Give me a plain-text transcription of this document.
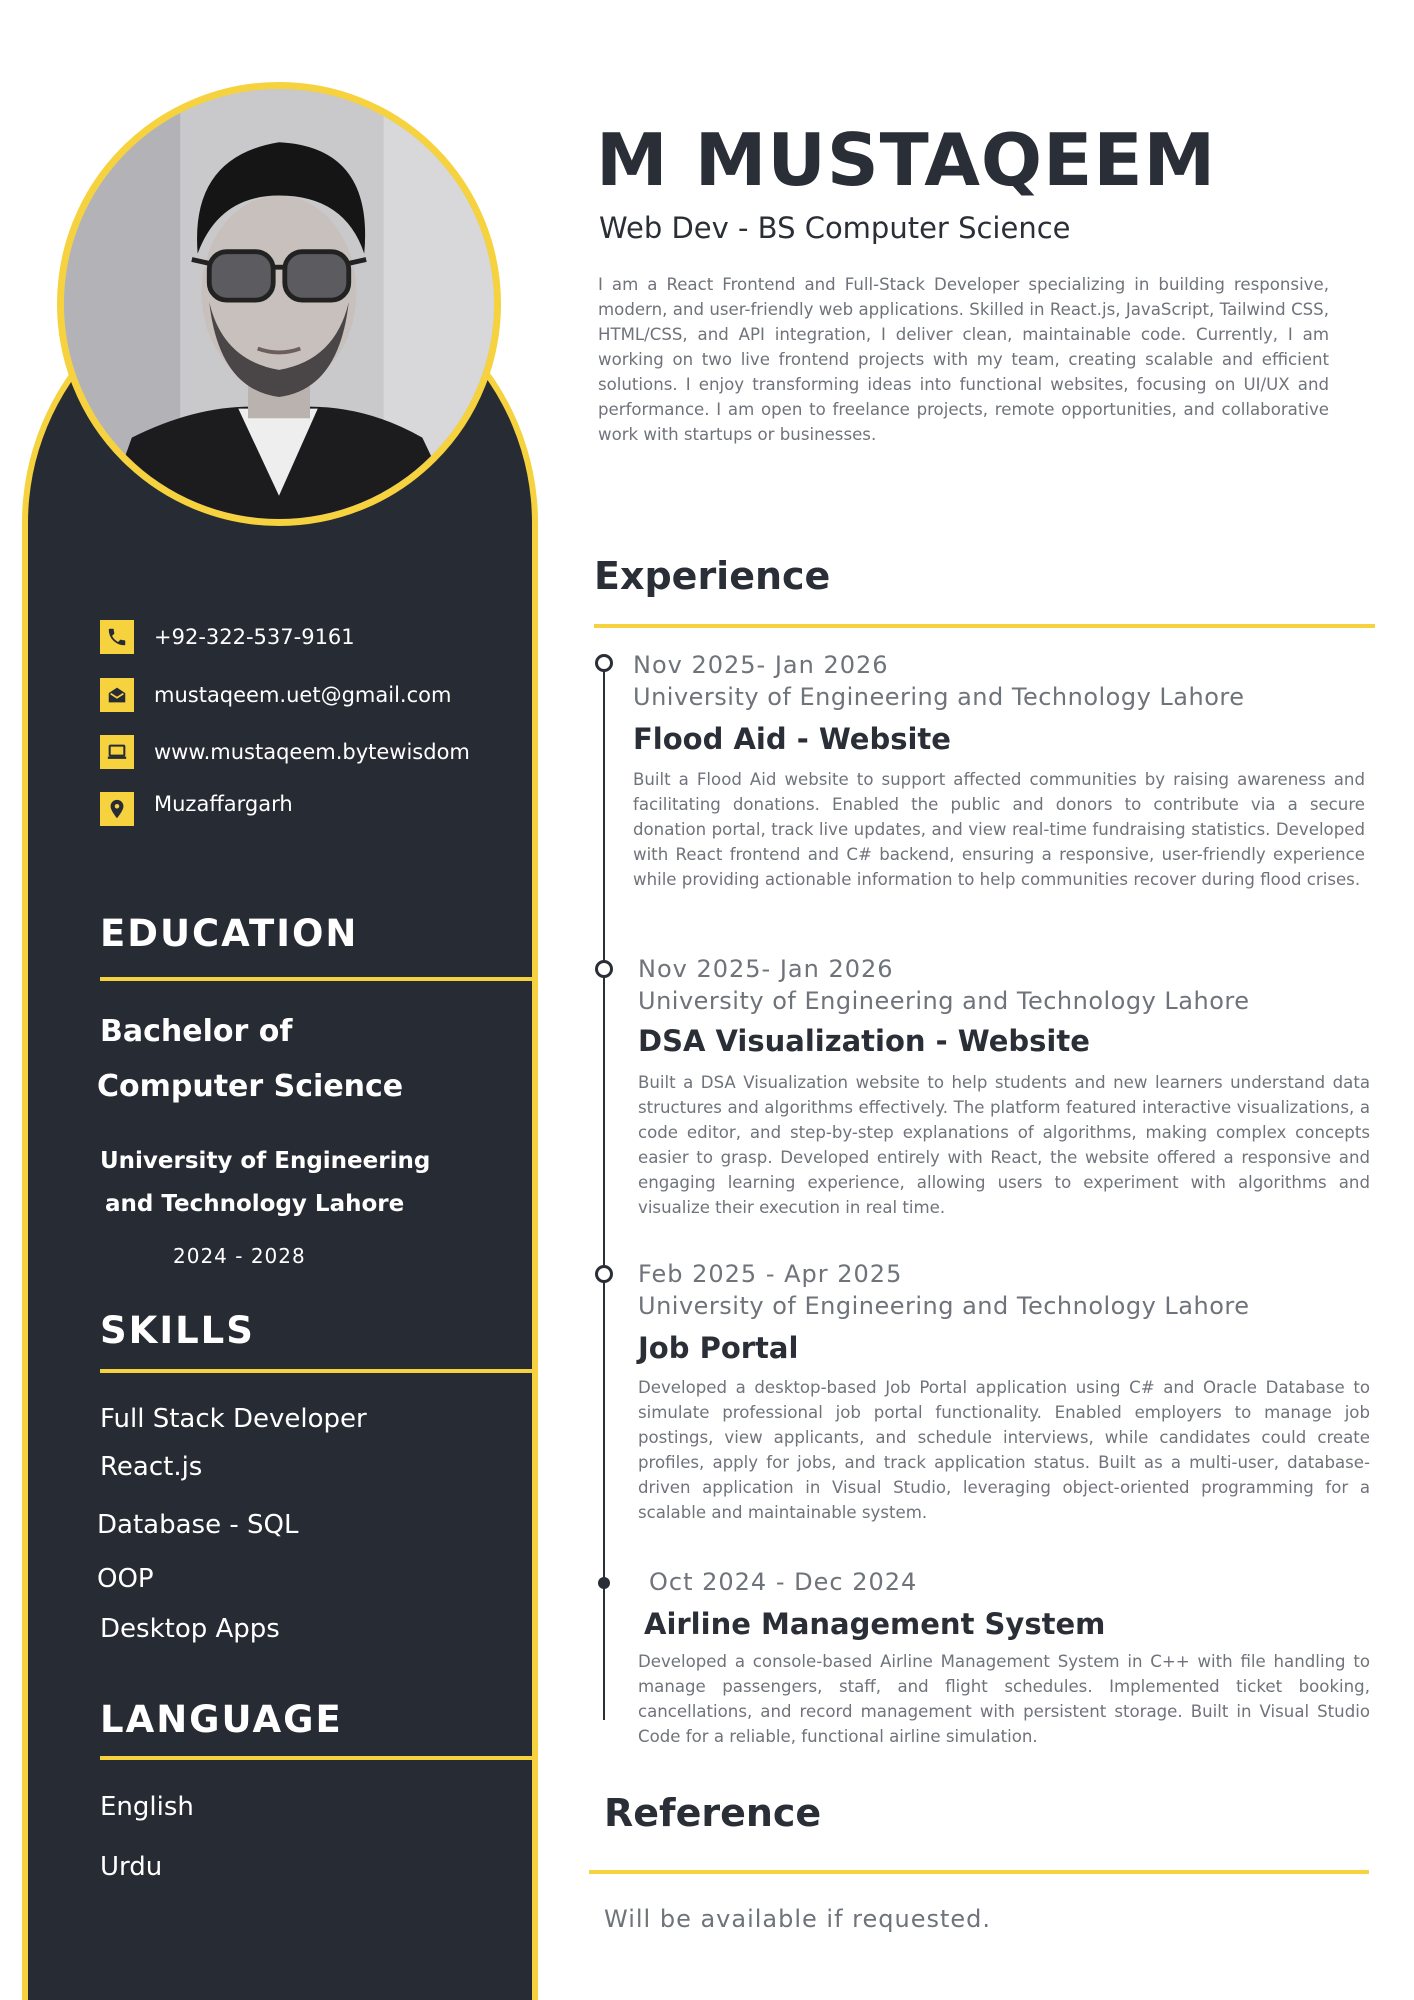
+92-322-537-9161
mustaqeem.uet@gmail.com
www.mustaqeem.bytewisdom
Muzaffargarh
EDUCATION
Bachelor of
Computer Science
University of Engineering
and Technology Lahore
2024 - 2028
SKILLS
Full Stack Developer
React.js
Database - SQL
OOP
Desktop Apps
LANGUAGE
English
Urdu
M MUSTAQEEM
Web Dev - BS Computer Science
I am a React Frontend and Full-Stack Developer specializing in building responsive, modern, and user-friendly web applications. Skilled in React.js, JavaScript, Tailwind CSS, HTML/CSS, and API integration, I deliver clean, maintainable code. Currently, I am working on two live frontend projects with my team, creating scalable and efficient solutions. I enjoy transforming ideas into functional websites, focusing on UI/UX and performance. I am open to freelance projects, remote opportunities, and collaborative work with startups or businesses.
Experience
Nov 2025- Jan 2026
University of Engineering and Technology Lahore
Flood Aid - Website
Built a Flood Aid website to support affected communities by raising awareness and facilitating donations. Enabled the public and donors to contribute via a secure donation portal, track live updates, and view real-time fundraising statistics. Developed with React frontend and C# backend, ensuring a responsive, user-friendly experience while providing actionable information to help communities recover during flood crises.
Nov 2025- Jan 2026
University of Engineering and Technology Lahore
DSA Visualization - Website
Built a DSA Visualization website to help students and new learners understand data structures and algorithms effectively. The platform featured interactive visualizations, a code editor, and step-by-step explanations of algorithms, making complex concepts easier to grasp. Developed entirely with React, the website offered a responsive and engaging learning experience, allowing users to experiment with algorithms and visualize their execution in real time.
Feb 2025 - Apr 2025
University of Engineering and Technology Lahore
Job Portal
Developed a desktop-based Job Portal application using C# and Oracle Database to simulate professional job portal functionality. Enabled employers to manage job postings, view applicants, and schedule interviews, while candidates could create profiles, apply for jobs, and track application status. Built as a multi-user, database-driven application in Visual Studio, leveraging object-oriented programming for a scalable and maintainable system.
Oct 2024 - Dec 2024
Airline Management System
Developed a console-based Airline Management System in C++ with file handling to manage passengers, staff, and flight schedules. Implemented ticket booking, cancellations, and record management with persistent storage. Built in Visual Studio Code for a reliable, functional airline simulation.
Reference
Will be available if requested.
